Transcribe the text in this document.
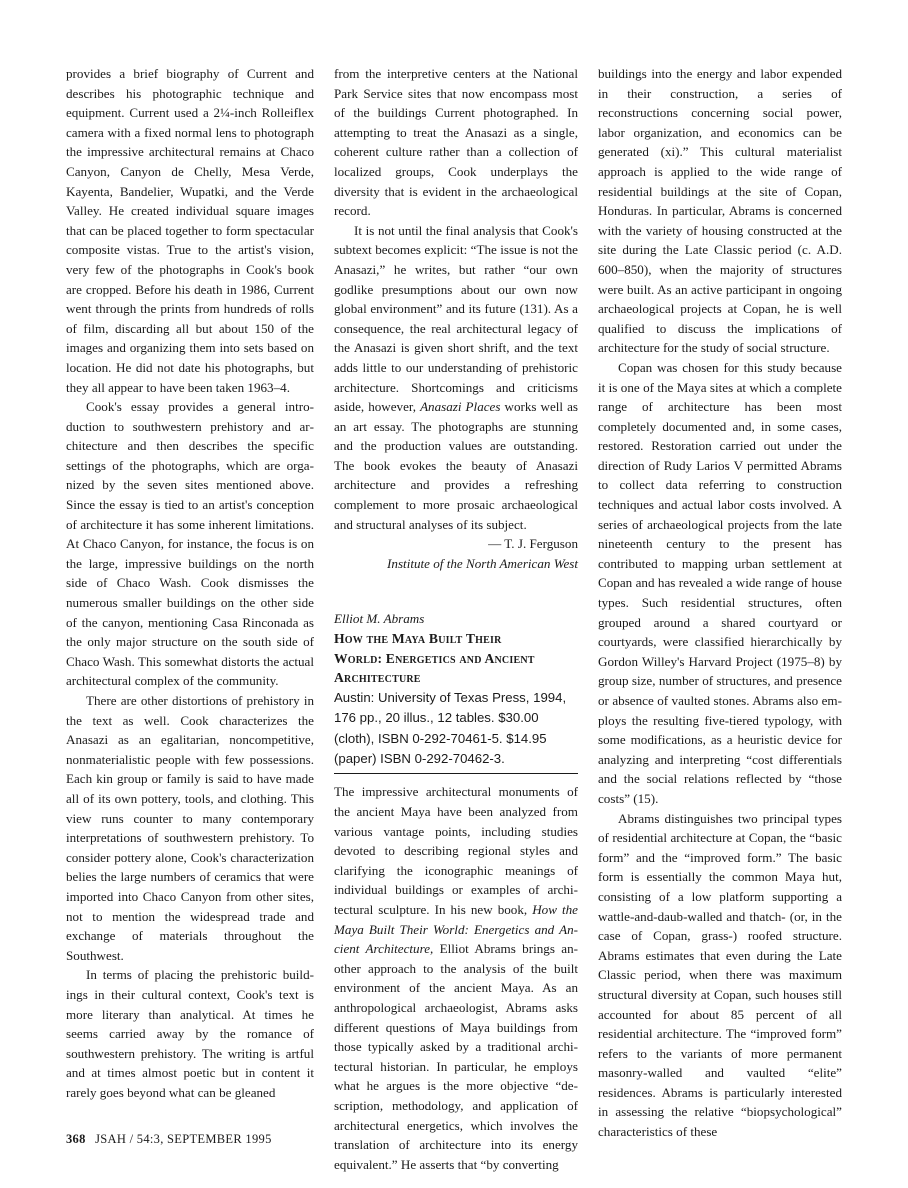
provides a brief biography of Current and describes his photographic technique and equipment. Current used a 2¼-inch Rolleiflex camera with a fixed normal lens to photograph the impressive architectural remains at Chaco Canyon, Canyon de Chelly, Mesa Verde, Kayenta, Bandelier, Wupatki, and the Verde Valley. He created individual square images that can be placed together to form spectacular composite vistas. True to the artist's vision, very few of the photographs in Cook's book are cropped. Before his death in 1986, Current went through the prints from hundreds of rolls of film, discarding all but about 150 of the images and organizing them into sets based on location. He did not date his photographs, but they all appear to have been taken 1963–4.

Cook's essay provides a general introduction to southwestern prehistory and architecture and then describes the specific settings of the photographs, which are organized by the seven sites mentioned above. Since the essay is tied to an artist's conception of architecture it has some inherent limitations. At Chaco Canyon, for instance, the focus is on the large, impressive buildings on the north side of Chaco Wash. Cook dismisses the numerous smaller buildings on the other side of the canyon, mentioning Casa Rinconada as the only major structure on the south side of Chaco Wash. This somewhat distorts the actual architectural complex of the community.

There are other distortions of prehistory in the text as well. Cook characterizes the Anasazi as an egalitarian, noncompetitive, nonmaterialistic people with few possessions. Each kin group or family is said to have made all of its own pottery, tools, and clothing. This view runs counter to many contemporary interpretations of southwestern prehistory. To consider pottery alone, Cook's characterization belies the large numbers of ceramics that were imported into Chaco Canyon from other sites, not to mention the widespread trade and exchange of materials throughout the Southwest.

In terms of placing the prehistoric buildings in their cultural context, Cook's text is more literary than analytical. At times he seems carried away by the romance of southwestern prehistory. The writing is artful and at times almost poetic but in content it rarely goes beyond what can be gleaned

from the interpretive centers at the National Park Service sites that now encompass most of the buildings Current photographed. In attempting to treat the Anasazi as a single, coherent culture rather than a collection of localized groups, Cook underplays the diversity that is evident in the archaeological record.

It is not until the final analysis that Cook's subtext becomes explicit: “The issue is not the Anasazi,” he writes, but rather “our own godlike presumptions about our own now global environment” and its future (131). As a consequence, the real architectural legacy of the Anasazi is given short shrift, and the text adds little to our understanding of prehistoric architecture. Shortcomings and criticisms aside, however, Anasazi Places works well as an art essay. The photographs are stunning and the production values are outstanding. The book evokes the beauty of Anasazi architecture and provides a refreshing complement to more prosaic archaeological and structural analyses of its subject.

— T. J. Ferguson

Institute of the North American West

Elliot M. Abrams

How the Maya Built Their

World: Energetics and Ancient

Architecture

Austin: University of Texas Press, 1994, 176 pp., 20 illus., 12 tables. $30.00 (cloth), ISBN 0-292-70461-5. $14.95 (paper) ISBN 0-292-70462-3.

The impressive architectural monuments of the ancient Maya have been analyzed from various vantage points, including studies devoted to describing regional styles and clarifying the iconographic meanings of individual buildings or examples of architectural sculpture. In his new book, How the Maya Built Their World: Energetics and Ancient Architecture, Elliot Abrams brings another approach to the analysis of the built environment of the ancient Maya. As an anthropological archaeologist, Abrams asks different questions of Maya buildings from those typically asked by a traditional architectural historian. In particular, he employs what he argues is the more objective “description, methodology, and application of architectural energetics, which involves the translation of architecture into its energy equivalent.” He asserts that “by converting

buildings into the energy and labor expended in their construction, a series of reconstructions concerning social power, labor organization, and economics can be generated (xi).” This cultural materialist approach is applied to the wide range of residential buildings at the site of Copan, Honduras. In particular, Abrams is concerned with the variety of housing constructed at the site during the Late Classic period (c. A.D. 600–850), when the majority of structures were built. As an active participant in ongoing archaeological projects at Copan, he is well qualified to discuss the implications of architecture for the study of social structure.

Copan was chosen for this study because it is one of the Maya sites at which a complete range of architecture has been most completely documented and, in some cases, restored. Restoration carried out under the direction of Rudy Larios V permitted Abrams to collect data referring to construction techniques and actual labor costs involved. A series of archaeological projects from the late nineteenth century to the present has contributed to mapping urban settlement at Copan and has revealed a wide range of house types. Such residential structures, often grouped around a shared courtyard or courtyards, were classified hierarchically by Gordon Willey's Harvard Project (1975–8) by group size, number of structures, and presence or absence of vaulted stones. Abrams also employs the resulting five-tiered typology, with some modifications, as a heuristic device for analyzing and interpreting “cost differentials and the social relations reflected by “those costs” (15).

Abrams distinguishes two principal types of residential architecture at Copan, the “basic form” and the “improved form.” The basic form is essentially the common Maya hut, consisting of a low platform supporting a wattle-and-daub-walled and thatch- (or, in the case of Copan, grass-) roofed structure. Abrams estimates that even during the Late Classic period, when there was maximum structural diversity at Copan, such houses still accounted for about 85 percent of all residential architecture. The “improved form” refers to the variants of more permanent masonry-walled and vaulted “elite” residences. Abrams is particularly interested in assessing the relative “biopsychological” characteristics of these

368 JSAH / 54:3, SEPTEMBER 1995
